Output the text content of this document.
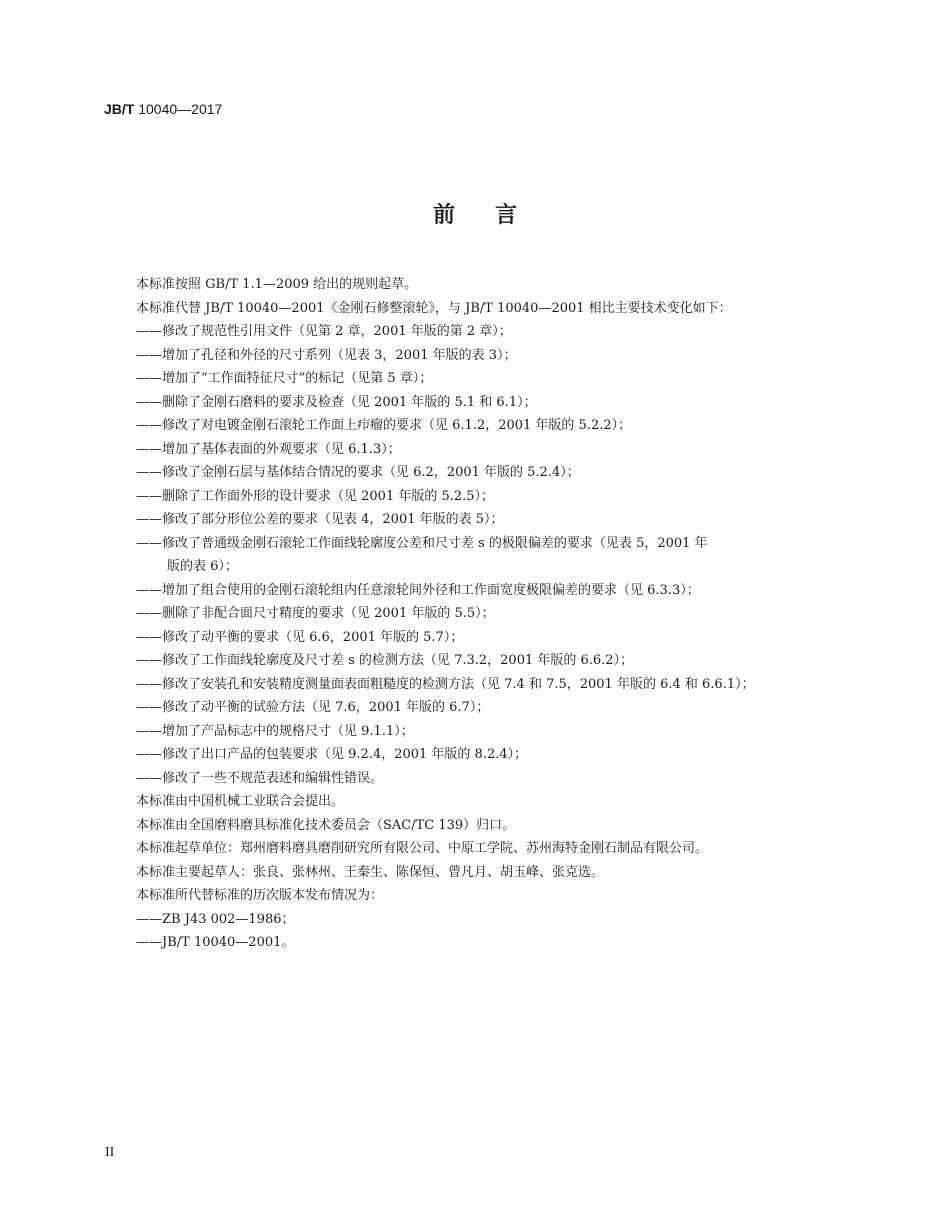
JB/T 10040—2017
前言
本标准按照 GB/T 1.1—2009 给出的规则起草。
本标准代替 JB/T 10040—2001《金刚石修整滚轮》，与 JB/T 10040—2001 相比主要技术变化如下：
——修改了规范性引用文件（见第 2 章，2001 年版的第 2 章）；
——增加了孔径和外径的尺寸系列（见表 3，2001 年版的表 3）；
——增加了“工作面特征尺寸”的标记（见第 5 章）；
——删除了金刚石磨料的要求及检查（见 2001 年版的 5.1 和 6.1）；
——修改了对电镀金刚石滚轮工作面上疖瘤的要求（见 6.1.2，2001 年版的 5.2.2）；
——增加了基体表面的外观要求（见 6.1.3）；
——修改了金刚石层与基体结合情况的要求（见 6.2，2001 年版的 5.2.4）；
——删除了工作面外形的设计要求（见 2001 年版的 5.2.5）；
——修改了部分形位公差的要求（见表 4，2001 年版的表 5）；
——修改了普通级金刚石滚轮工作面线轮廓度公差和尺寸差 s 的极限偏差的要求（见表 5，2001 年
版的表 6）；
——增加了组合使用的金刚石滚轮组内任意滚轮间外径和工作面宽度极限偏差的要求（见 6.3.3）；
——删除了非配合面尺寸精度的要求（见 2001 年版的 5.5）；
——修改了动平衡的要求（见 6.6，2001 年版的 5.7）；
——修改了工作面线轮廓度及尺寸差 s 的检测方法（见 7.3.2，2001 年版的 6.6.2）；
——修改了安装孔和安装精度测量面表面粗糙度的检测方法（见 7.4 和 7.5，2001 年版的 6.4 和 6.6.1）；
——修改了动平衡的试验方法（见 7.6，2001 年版的 6.7）；
——增加了产品标志中的规格尺寸（见 9.1.1）；
——修改了出口产品的包装要求（见 9.2.4，2001 年版的 8.2.4）；
——修改了一些不规范表述和编辑性错误。
本标准由中国机械工业联合会提出。
本标准由全国磨料磨具标准化技术委员会（SAC/TC 139）归口。
本标准起草单位：郑州磨料磨具磨削研究所有限公司、中原工学院、苏州海特金刚石制品有限公司。
本标准主要起草人：张良、张林州、王秦生、陈保恒、曾凡月、胡玉峰、张克选。
本标准所代替标准的历次版本发布情况为：
——ZB J43 002—1986；
——JB/T 10040—2001。
II
